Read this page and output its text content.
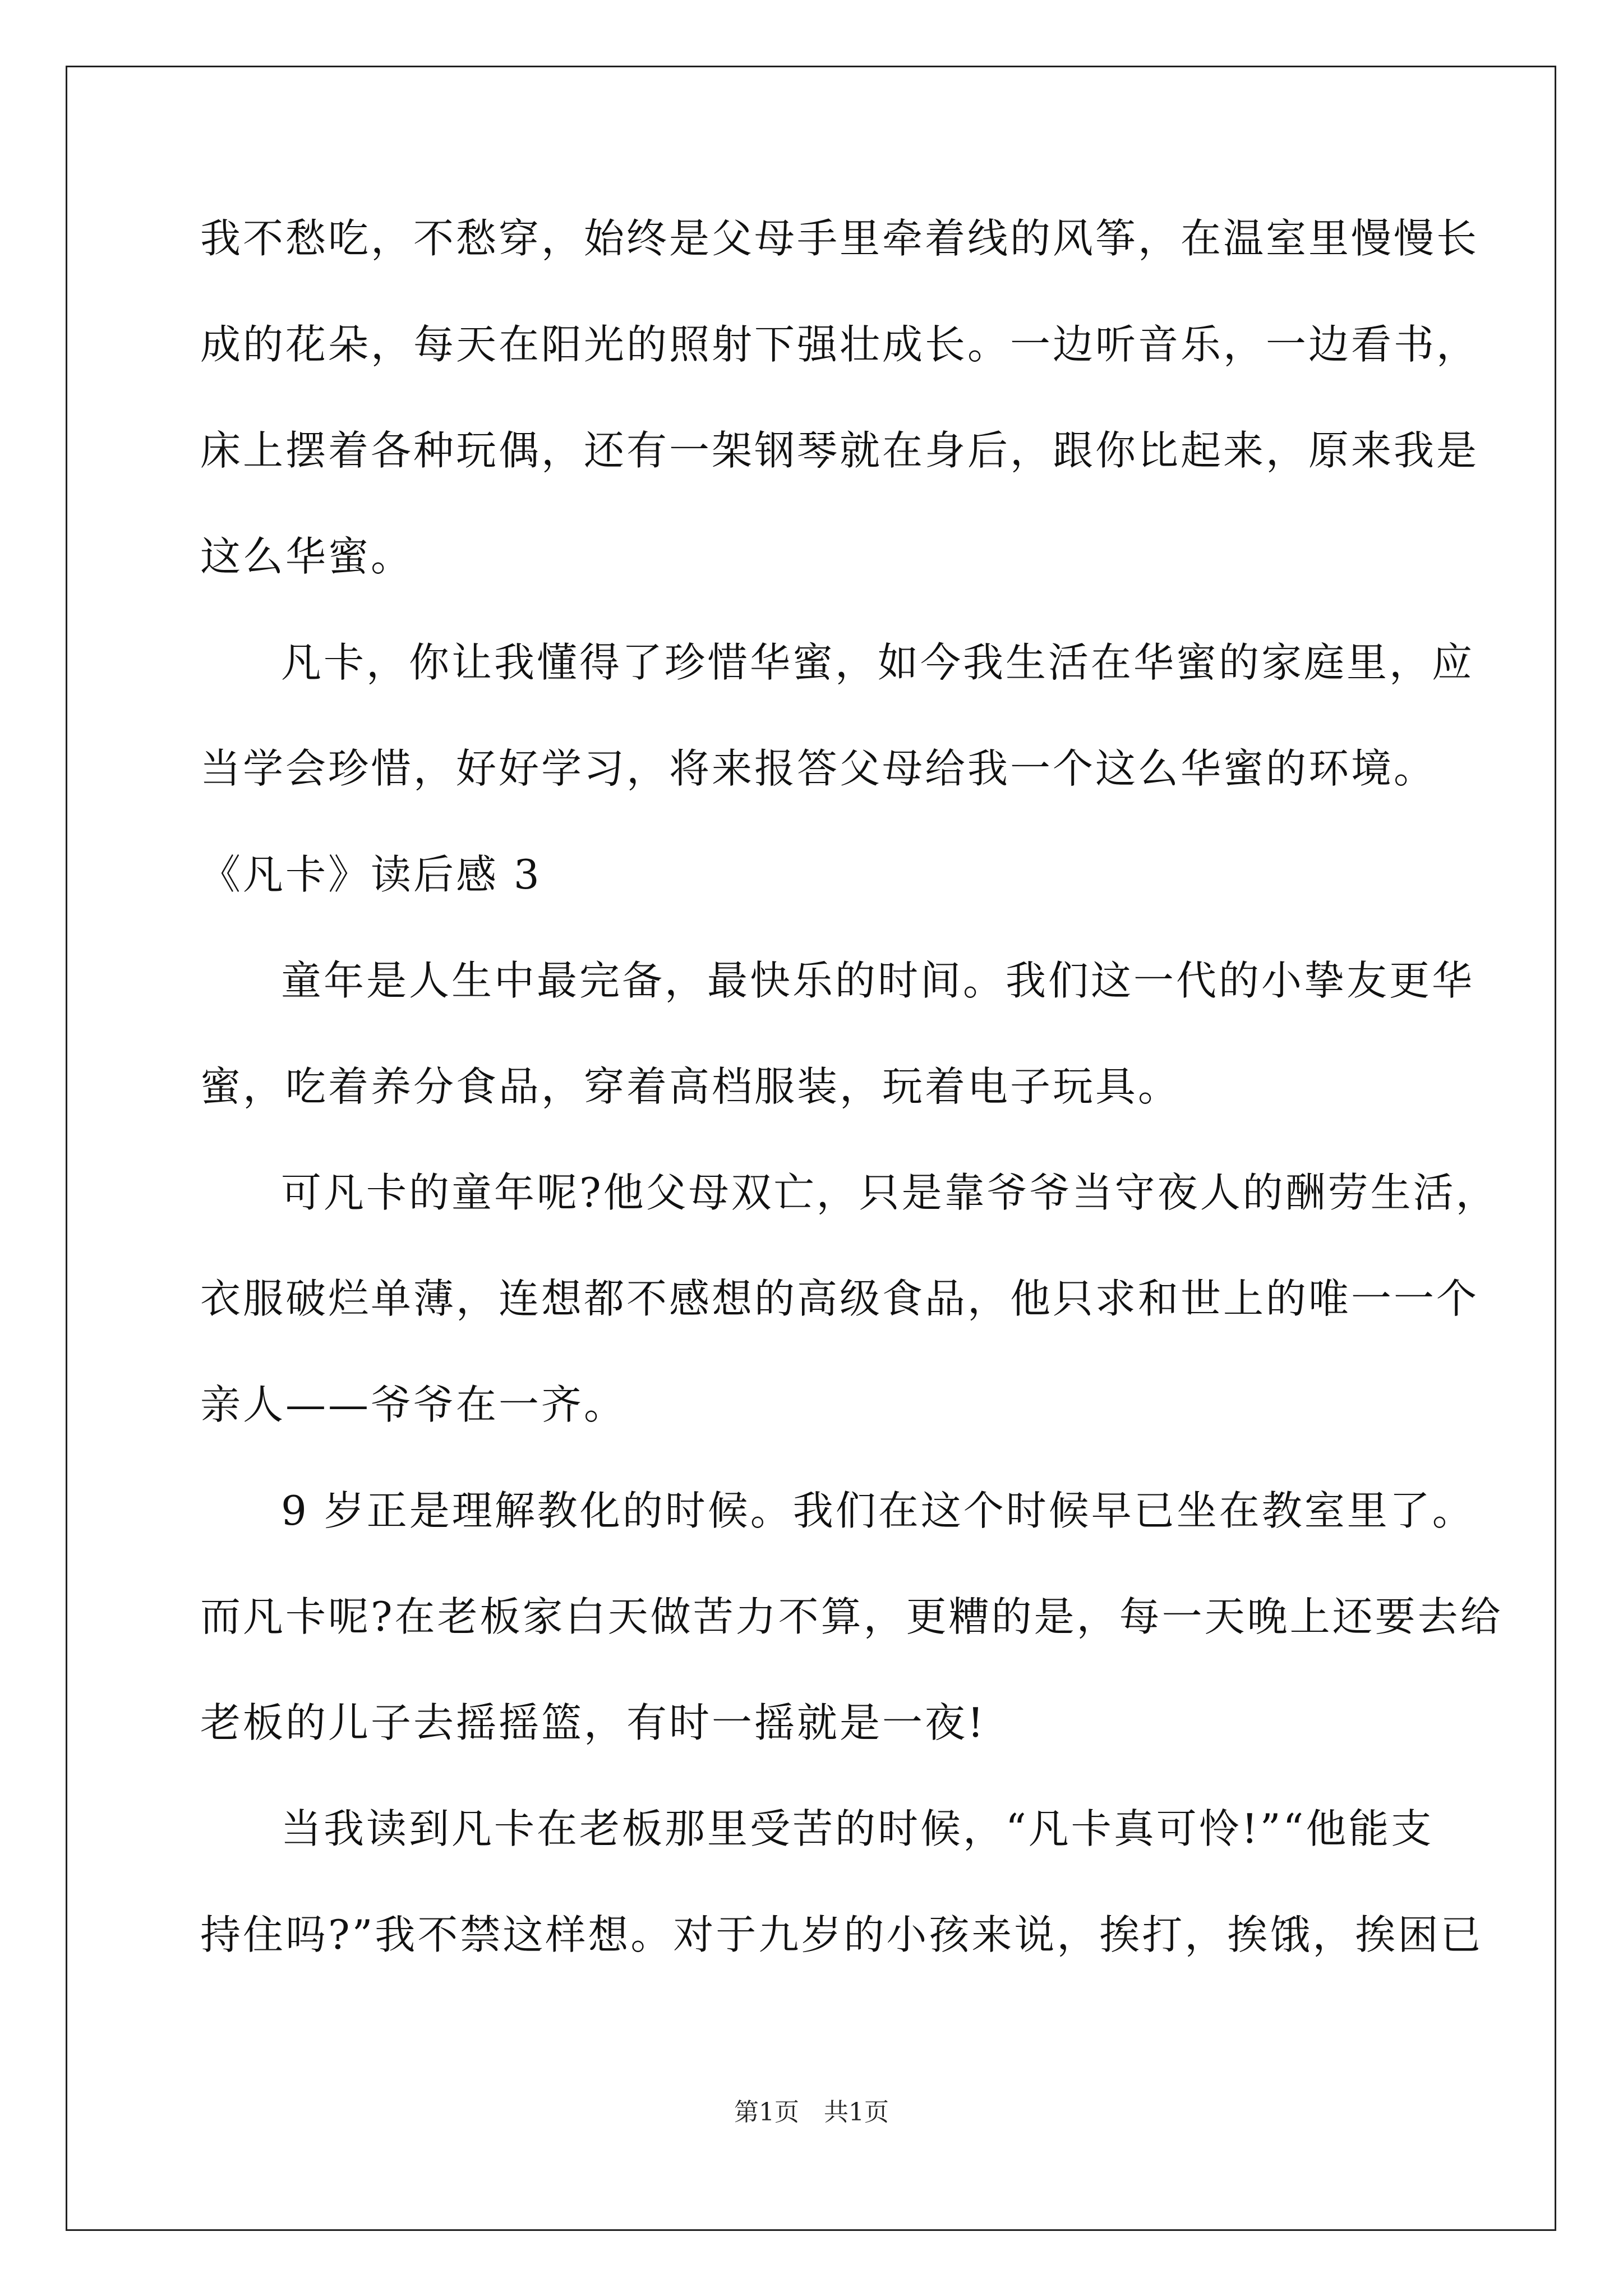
我不愁吃，不愁穿，始终是父母手里牵着线的风筝，在温室里慢慢长
成的花朵，每天在阳光的照射下强壮成长。一边听音乐，一边看书，
床上摆着各种玩偶，还有一架钢琴就在身后，跟你比起来，原来我是
这么华蜜。
凡卡，你让我懂得了珍惜华蜜，如今我生活在华蜜的家庭里，应
当学会珍惜，好好学习，将来报答父母给我一个这么华蜜的环境。
《凡卡》读后感 3
童年是人生中最完备，最快乐的时间。我们这一代的小挚友更华
蜜，吃着养分食品，穿着高档服装，玩着电子玩具。
可凡卡的童年呢?他父母双亡，只是靠爷爷当守夜人的酬劳生活，
衣服破烂单薄，连想都不感想的高级食品，他只求和世上的唯一一个
亲人——爷爷在一齐。
9 岁正是理解教化的时候。我们在这个时候早已坐在教室里了。
而凡卡呢?在老板家白天做苦力不算，更糟的是，每一天晚上还要去给
老板的儿子去摇摇篮，有时一摇就是一夜!
当我读到凡卡在老板那里受苦的时候，“凡卡真可怜!”“他能支
持住吗?”我不禁这样想。对于九岁的小孩来说，挨打，挨饿，挨困已
第1页　共1页
